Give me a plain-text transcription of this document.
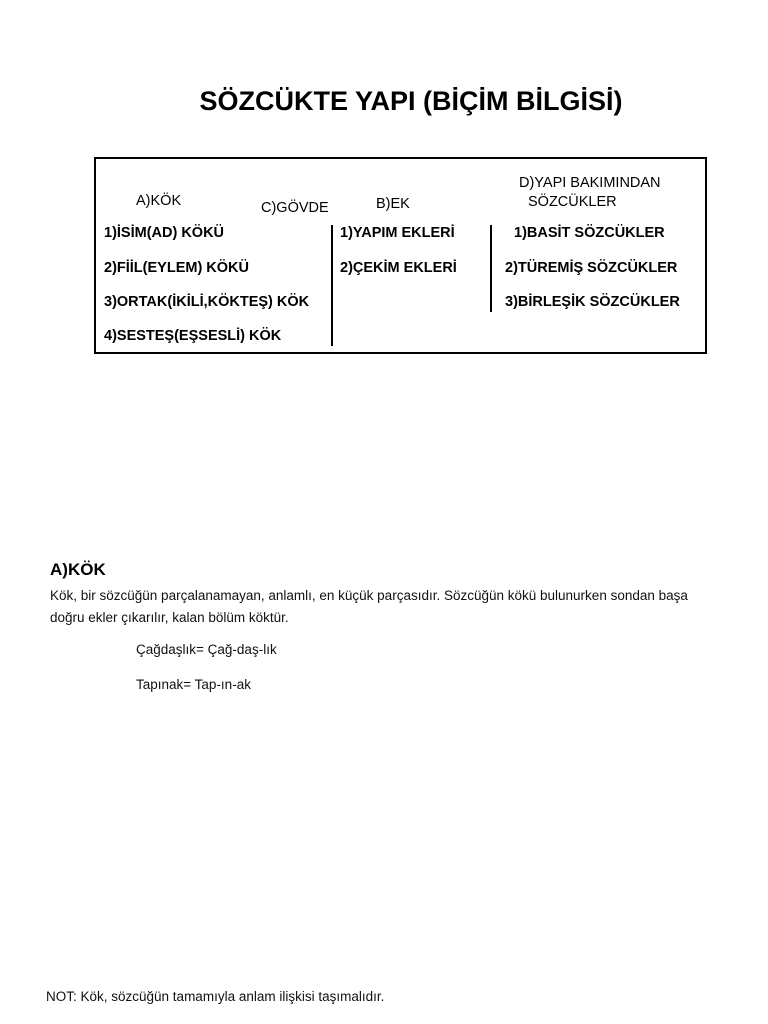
SÖZCÜKTE YAPI (BİÇİM BİLGİSİ)
A)KÖK	C)GÖVDE	B)EK
D)YAPI BAKIMINDAN
SÖZCÜKLER
1)İSİM(AD) KÖKÜ
2)FİİL(EYLEM) KÖKÜ
3)ORTAK(İKİLİ,KÖKTEŞ) KÖK
4)SESTEŞ(EŞSESLİ) KÖK
1)YAPIM EKLERİ
2)ÇEKİM EKLERİ
1)BASİT SÖZCÜKLER
2)TÜREMİŞ SÖZCÜKLER
3)BİRLEŞİK SÖZCÜKLER
A)KÖK
Kök, bir sözcüğün parçalanamayan, anlamlı, en küçük parçasıdır. Sözcüğün kökü bulunurken sondan başa
doğru ekler çıkarılır, kalan bölüm köktür.
Çağdaşlık= Çağ-daş-lık
Tapınak= Tap-ın-ak
NOT: Kök, sözcüğün tamamıyla anlam ilişkisi taşımalıdır.
